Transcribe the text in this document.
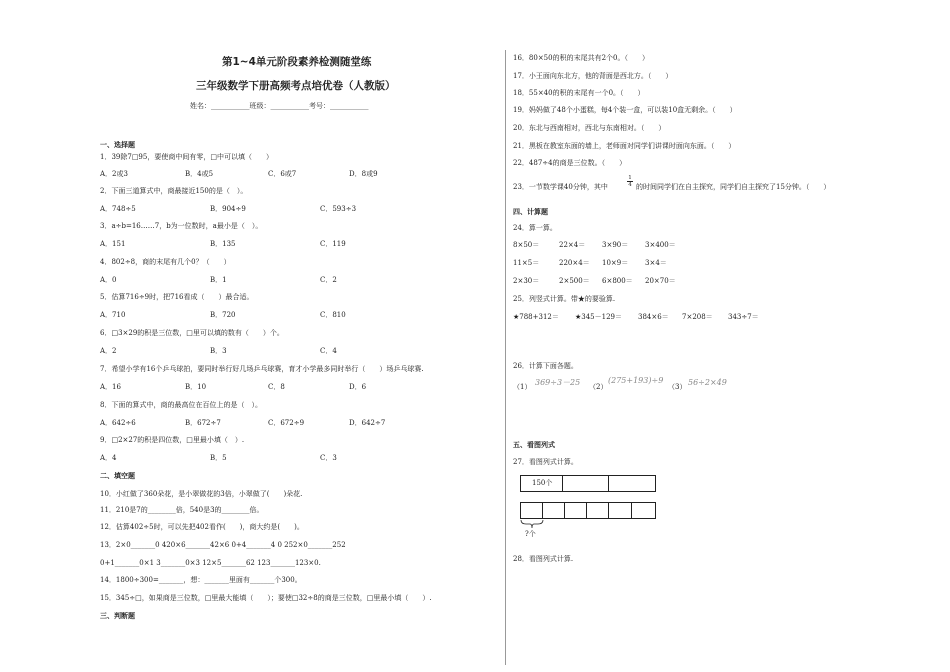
第1~4单元阶段素养检测随堂练
三年级数学下册高频考点培优卷（人教版）
姓名：___________班级：___________考号：___________
一、选择题
1．39除7□95，要使商中间有零，□中可以填（　　）
A．2或3	B．4或5	C．6或7	D．8或9
2．下面三道算式中，商最接近150的是（　）。
A．748÷5	B．904÷9	C．593÷3
3．a÷b=16……7，b为一位数时，a最小是（　）。
A．151	B．135	C．119
4．802÷8，商的末尾有几个0？（　　）
A．0	B．1	C．2
5．估算716÷9时，把716看成（　　）最合适。
A．710	B．720	C．810
6．□3×29的积是三位数，□里可以填的数有（　　）个。
A．2	B．3	C．4
7．希望小学有16个乒乓球拍，要同时举行好几场乒乓球赛，育才小学最多同时举行（　　）场乒乓球赛.
A．16	B．10	C．8	D．6
8．下面的算式中，商的最高位在百位上的是（　）。
A．642÷6	B．672÷7	C．672÷9	D．642÷7
9．□2×27的积是四位数，□里最小填（　）.
A．4	B．5	C．3
二、填空题
10．小红做了360朵花，是小翠做花的3倍，小翠做了(　　)朵花.
11．210是7的________倍，540是3的________倍。
12．估算402÷5时，可以先把402看作(　　)，商大约是(　　)。
13．2×0_______0 420×6_______42×6 0+4_______4 0 252×0_______252
0+1_______0×1 3_______0×3 12×5_______62 123_______123×0.
14．1800÷300=_______，想：_______里面有_______个300。
15．345÷□，如果商是三位数，□里最大能填（　　）；要使□32÷8的商是三位数，□里最小填（　　）.
三、判断题
16．80×50的积的末尾共有2个0。（　　）
17．小王面向东北方，他的背面是西北方。（　　）
18．55×40的积的末尾有一个0。（　　）
19．妈妈做了48个小蛋糕，每4个装一盒，可以装10盒无剩余。（　　）
20．东北与西南相对，西北与东南相对。（　　）
21．黑板在教室东面的墙上，老师面对同学们讲课时面向东面。（　　）
22．487÷4的商是三位数。（　　）
23．一节数学课40分钟，其中	$\frac{1}{4}$ 的时间同学们在自主探究，同学们自主探究了15分钟。（　　）
四、计算题
24．算一算。
8×50＝	22×4＝ 3×90＝ 3×400＝
11×5＝	220×4＝ 10×9＝ 3×4＝
2×30＝	2×500＝ 6×800＝ 20×70＝
25．列竖式计算。带★的要验算.
★788+312＝ ★345－129＝ 384×6＝ 7×208＝ 343÷7＝
26．计算下面各题。
（1） 369÷3－25 （2）
(275+193)÷9
（3） 56÷2×49
五、看图列式
27．看图列式计算。
150个
?个
28．看图列式计算.
